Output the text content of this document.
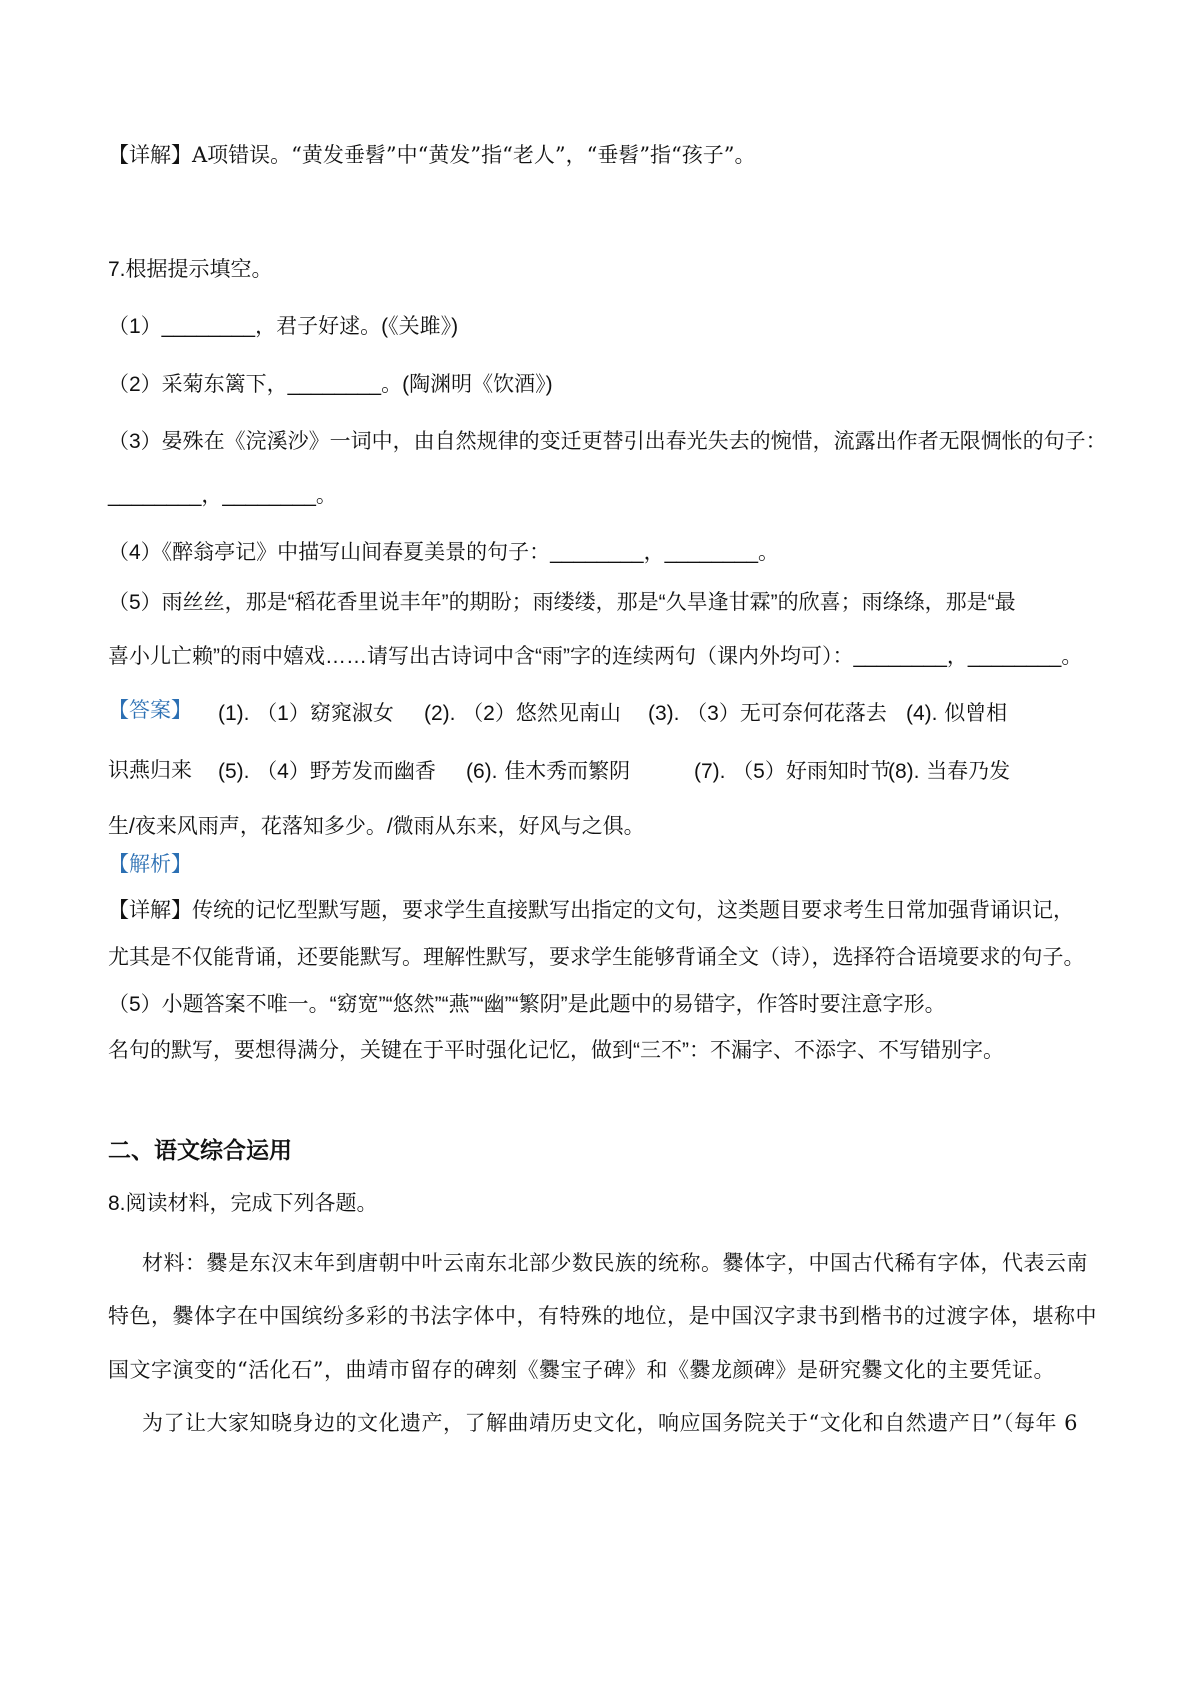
【详解】A项错误。“黄发垂髫”中“黄发”指“老人”，“垂髫”指“孩子”。
7.根据提示填空。
（1）________，君子好逑。(《关雎》)
（2）采菊东篱下，________。(陶渊明《饮酒》)
（3）晏殊在《浣溪沙》一词中，由自然规律的变迁更替引出春光失去的惋惜，流露出作者无限惆怅的句子：
________，________。
（4）《醉翁亭记》中描写山间春夏美景的句子：________，________。
（5）雨丝丝，那是“稻花香里说丰年”的期盼；雨缕缕，那是“久旱逢甘霖”的欣喜；雨绦绦，那是“最
喜小儿亡赖”的雨中嬉戏……请写出古诗词中含“雨”字的连续两句（课内外均可）：________，________。
【答案】 (1). （1）窈窕淑女 (2). （2）悠然见南山 (3). （3）无可奈何花落去 (4). 似曾相
识燕归来 (5). （4）野芳发而幽香 (6). 佳木秀而繁阴	(7). （5）好雨知时节
(8). 当春乃发
生/夜来风雨声，花落知多少。/微雨从东来，好风与之俱。
【解析】
【详解】传统的记忆型默写题，要求学生直接默写出指定的文句，这类题目要求考生日常加强背诵识记，
尤其是不仅能背诵，还要能默写。理解性默写，要求学生能够背诵全文（诗），选择符合语境要求的句子。
（5）小题答案不唯一。“窈宽”“悠然”“燕”“幽”“繁阴”是此题中的易错字，作答时要注意字形。
名句的默写，要想得满分，关键在于平时强化记忆，做到“三不”：不漏字、不添字、不写错别字。
二、语文综合运用
8.阅读材料，完成下列各题。
材料：爨是东汉末年到唐朝中叶云南东北部少数民族的统称。爨体字，中国古代稀有字体，代表云南
特色，爨体字在中国缤纷多彩的书法字体中，有特殊的地位，是中国汉字隶书到楷书的过渡字体，堪称中
国文字演变的“活化石”，曲靖市留存的碑刻《爨宝子碑》和《爨龙颜碑》是研究爨文化的主要凭证。
为了让大家知晓身边的文化遗产，了解曲靖历史文化，响应国务院关于“文化和自然遗产日”（每年 6
